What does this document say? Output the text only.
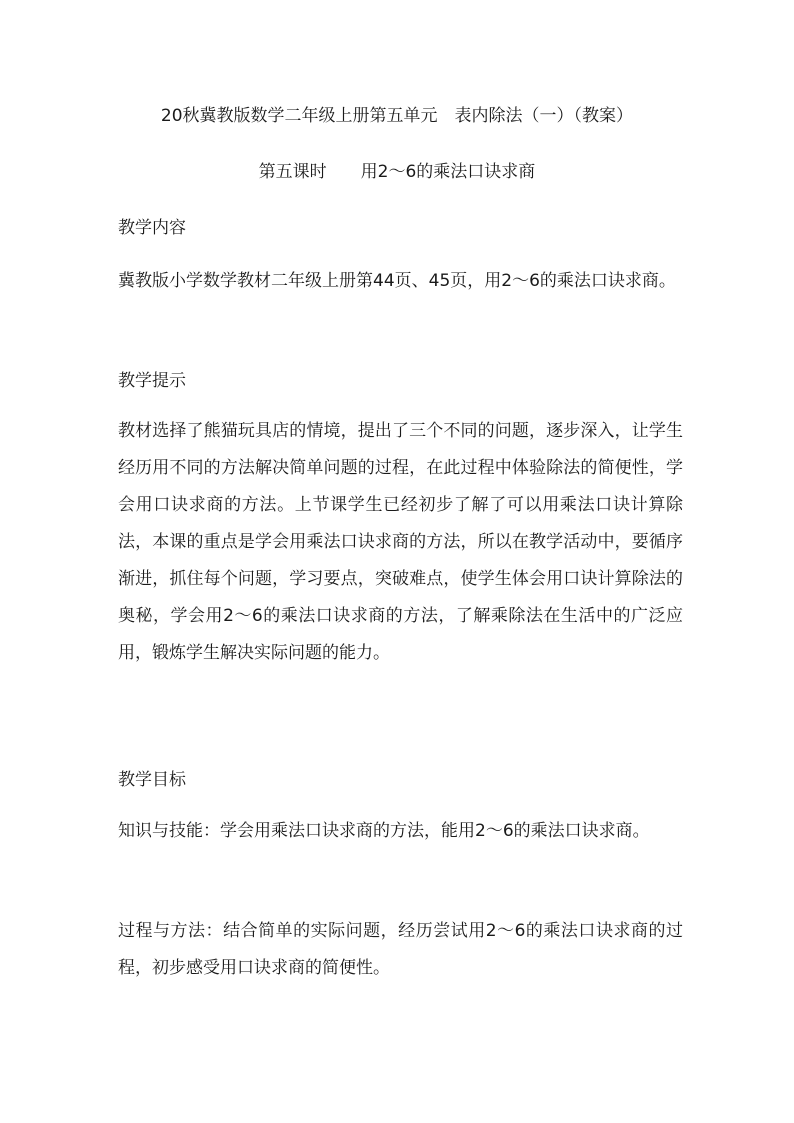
20秋冀教版数学二年级上册第五单元　表内除法（一）（教案）
第五课时　　用2～6的乘法口诀求商
教学内容
冀教版小学数学教材二年级上册第44页、45页，用2～6的乘法口诀求商。
教学提示
教材选择了熊猫玩具店的情境，提出了三个不同的问题，逐步深入，让学生经历用不同的方法解决简单问题的过程，在此过程中体验除法的简便性，学会用口诀求商的方法。上节课学生已经初步了解了可以用乘法口诀计算除法，本课的重点是学会用乘法口诀求商的方法，所以在教学活动中，要循序渐进，抓住每个问题，学习要点，突破难点，使学生体会用口诀计算除法的奥秘，学会用2～6的乘法口诀求商的方法，了解乘除法在生活中的广泛应用，锻炼学生解决实际问题的能力。
教学目标
知识与技能：学会用乘法口诀求商的方法，能用2～6的乘法口诀求商。
过程与方法：结合简单的实际问题，经历尝试用2～6的乘法口诀求商的过程，初步感受用口诀求商的简便性。
